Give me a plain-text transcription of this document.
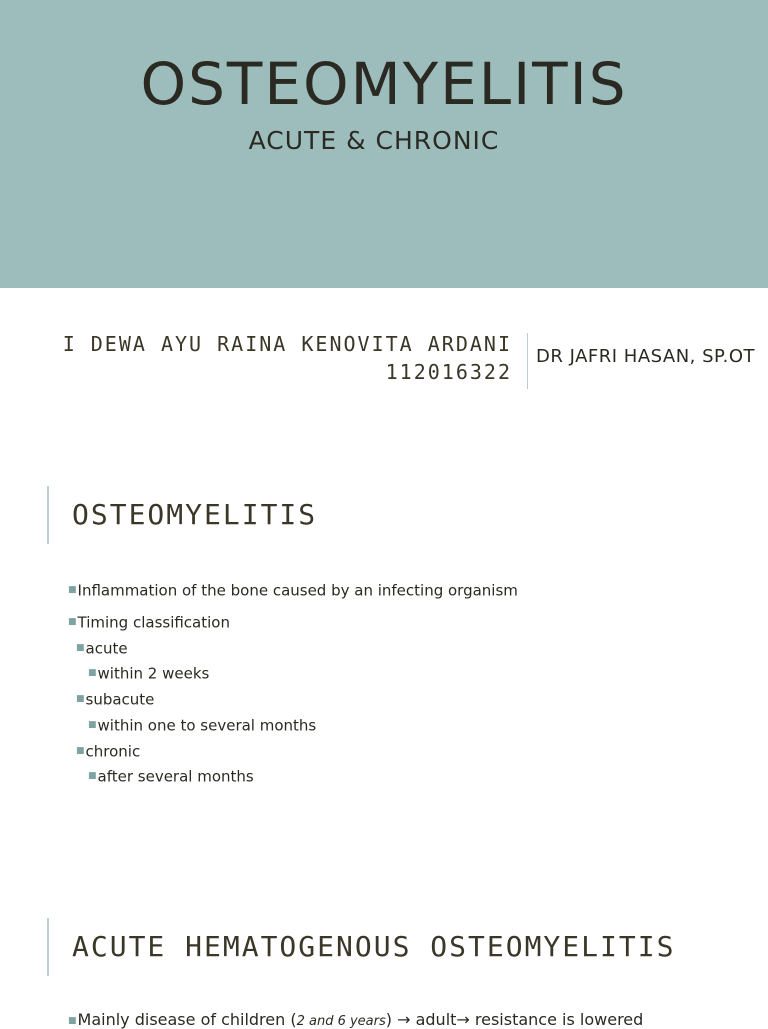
OSTEOMYELITIS
ACUTE & CHRONIC
I DEWA AYU RAINA KENOVITA ARDANI
112016322
DR JAFRI HASAN, SP.OT
OSTEOMYELITIS
■Inflammation of the bone caused by an infecting organism
■Timing classification
■acute
■within 2 weeks
■subacute
■within one to several months
■chronic
■after several months
ACUTE HEMATOGENOUS OSTEOMYELITIS
■Mainly disease of children (2 and 6 years) → adult→ resistance is lowered
